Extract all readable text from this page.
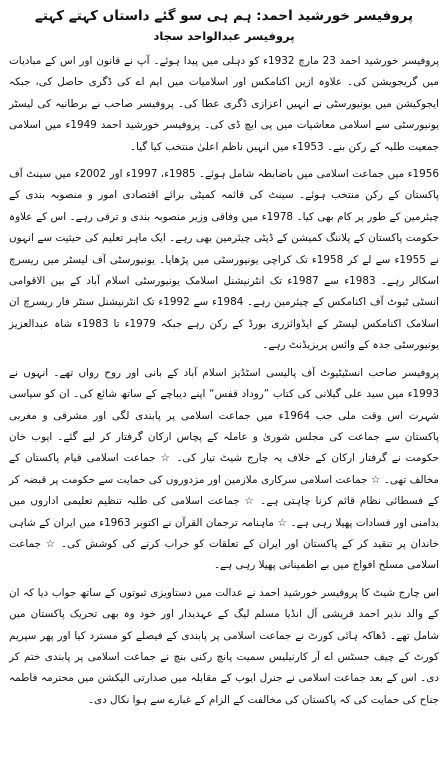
پروفیسر خورشید احمد: ہم ہی سو گئے داستاں کہتے کہتے
پروفیسر عبدالواحد سجاد

پروفیسر خورشید احمد 23 مارچ 1932ء کو دہلی میں پیدا ہوئے۔ آپ نے قانون اور اس کے مبادیات میں گریجویشن کی۔ علاوہ ازیں اکنامکس اور اسلامیات میں ایم اے کی ڈگری حاصل کی، جبکہ ایجوکیشن میں یونیورسٹی نے انہیں اعزازی ڈگری عطا کی۔ پروفیسر صاحب نے برطانیہ کی لیسٹر یونیورسٹی سے اسلامی معاشیات میں پی ایچ ڈی کی۔ پروفیسر خورشید احمد 1949ء میں اسلامی جمعیت طلبہ کے رکن بنے۔ 1953ء میں انہیں ناظم اعلیٰ منتخب کیا گیا۔

1956ء میں جماعت اسلامی میں باضابطہ شامل ہوئے۔ 1985ء، 1997ء اور 2002ء میں سینٹ آف پاکستان کے رکن منتخب ہوئے۔ سینٹ کی قائمہ کمیٹی برائے اقتصادی امور و منصوبہ بندی کے چیئرمین کے طور پر کام بھی کیا۔ 1978ء میں وفاقی وزیر منصوبہ بندی و ترقی رہے۔ اس کے علاوہ حکومت پاکستان کے پلاننگ کمیشن کے ڈپٹی چیئرمین بھی رہے۔ ایک ماہر تعلیم کی حیثیت سے انہوں نے 1955ء سے لے کر 1958ء تک کراچی یونیورسٹی میں پڑھایا۔ یونیورسٹی آف لیسٹر میں ریسرچ اسکالر رہے۔ 1983ء سے 1987ء تک انٹرنیشنل اسلامک یونیورسٹی اسلام آباد کے بین الاقوامی انسٹی ٹیوٹ آف اکنامکس کے چیئرمین رہے۔ 1984ء سے 1992ء تک انٹرنیشنل سنٹر فار ریسرچ ان اسلامک اکنامکس لیسٹر کے ایڈوائزری بورڈ کے رکن رہے جبکہ 1979ء تا 1983ء شاہ عبدالعزیز یونیورسٹی جدہ کے وائس پریزیڈنٹ رہے۔

پروفیسر صاحب انسٹیٹیوٹ آف پالیسی اسٹڈیز اسلام آباد کے بانی اور روح رواں تھے۔ انہوں نے 1993ء میں سید علی گیلانی کی کتاب ”روداد قفس“ اپنے دیباچے کے ساتھ شائع کی۔ ان کو سیاسی شہرت اس وقت ملی جب 1964ء میں جماعت اسلامی پر پابندی لگی اور مشرقی و مغربی پاکستان سے جماعت کی مجلس شوریٰ و عاملہ کے پچاس ارکان گرفتار کر لیے گئے۔ ایوب خان حکومت نے گرفتار ارکان کے خلاف یہ چارج شیٹ تیار کی۔ ☆ جماعت اسلامی قیام پاکستان کے مخالف تھی۔ ☆ جماعت اسلامی سرکاری ملازمین اور مزدوروں کی حمایت سے حکومت پر قبضہ کر کے فسطائی نظام قائم کرنا چاہتی ہے۔ ☆ جماعت اسلامی کی طلبہ تنظیم تعلیمی اداروں میں بدامنی اور فسادات پھیلا رہی ہے۔ ☆ ماہنامہ ترجمان القرآن نے اکتوبر 1963ء میں ایران کے شاہی خاندان پر تنقید کر کے پاکستان اور ایران کے تعلقات کو خراب کرنے کی کوشش کی۔ ☆ جماعت اسلامی مسلح افواج میں بے اطمینانی پھیلا رہی ہے۔

اس چارج شیٹ کا پروفیسر خورشید احمد نے عدالت میں دستاویزی ثبوتوں کے ساتھ جواب دیا کہ ان کے والد نذیر احمد قریشی آل انڈیا مسلم لیگ کے عہدیدار اور خود وہ بھی تحریک پاکستان میں شامل تھے۔ ڈھاکہ ہائی کورٹ نے جماعت اسلامی پر پابندی کے فیصلے کو مسترد کیا اور پھر سپریم کورٹ کے چیف جسٹس اے آر کارنیلیس سمیت پانچ رکنی بنچ نے جماعت اسلامی پر پابندی ختم کر دی۔ اس کے بعد جماعت اسلامی نے جنرل ایوب کے مقابلہ میں صدارتی الیکشن میں محترمہ فاطمہ جناح کی حمایت کی کہ پاکستان کی مخالفت کے الزام کے غبارے سے ہوا نکال دی۔
